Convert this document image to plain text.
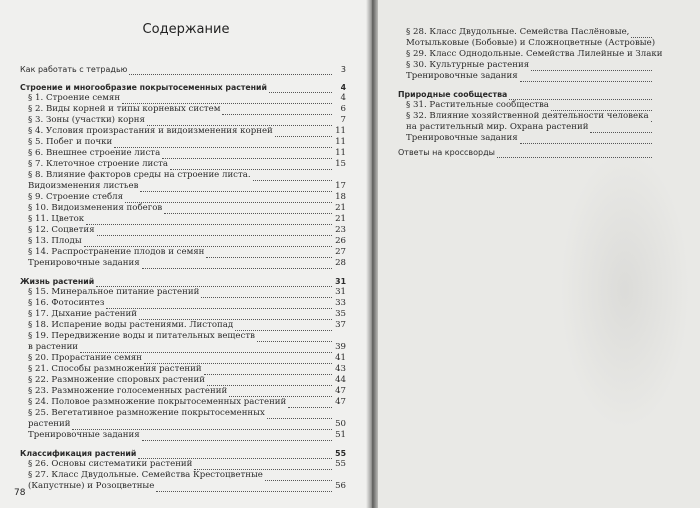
Содержание
Как работать с тетрадью	3
Строение и многообразие покрытосеменных растений	4
§ 1. Строение семян	4
§ 2. Виды корней и типы корневых систем	6
§ 3. Зоны (участки) корня	7
§ 4. Условия произрастания и видоизменения корней	11
§ 5. Побег и почки	11
§ 6. Внешнее строение листа	11
§ 7. Клеточное строение листа	15
§ 8. Влияние факторов среды на строение листа.
Видоизменения листьев	17
§ 9. Строение стебля	18
§ 10. Видоизменения побегов	21
§ 11. Цветок	21
§ 12. Соцветия	23
§ 13. Плоды	26
§ 14. Распространение плодов и семян	27
Тренировочные задания	28
Жизнь растений	31
§ 15. Минеральное питание растений	31
§ 16. Фотосинтез	33
§ 17. Дыхание растений	35
§ 18. Испарение воды растениями. Листопад	37
§ 19. Передвижение воды и питательных веществ
в растении	39
§ 20. Прорастание семян	41
§ 21. Способы размножения растений	43
§ 22. Размножение споровых растений	44
§ 23. Размножение голосеменных растений	47
§ 24. Половое размножение покрытосеменных растений	47
§ 25. Вегетативное размножение покрытосеменных
растений	50
Тренировочные задания	51
Классификация растений	55
§ 26. Основы систематики растений	55
§ 27. Класс Двудольные. Семейства Крестоцветные
(Капустные) и Розоцветные	56
§ 28. Класс Двудольные. Семейства Паслёновые,
Мотыльковые (Бобовые) и Сложноцветные (Астровые)
§ 29. Класс Однодольные. Семейства Лилейные и Злаки
§ 30. Культурные растения
Тренировочные задания
Природные сообщества
§ 31. Растительные сообщества
§ 32. Влияние хозяйственной деятельности человека
на растительный мир. Охрана растений
Тренировочные задания
Ответы на кроссворды
78
